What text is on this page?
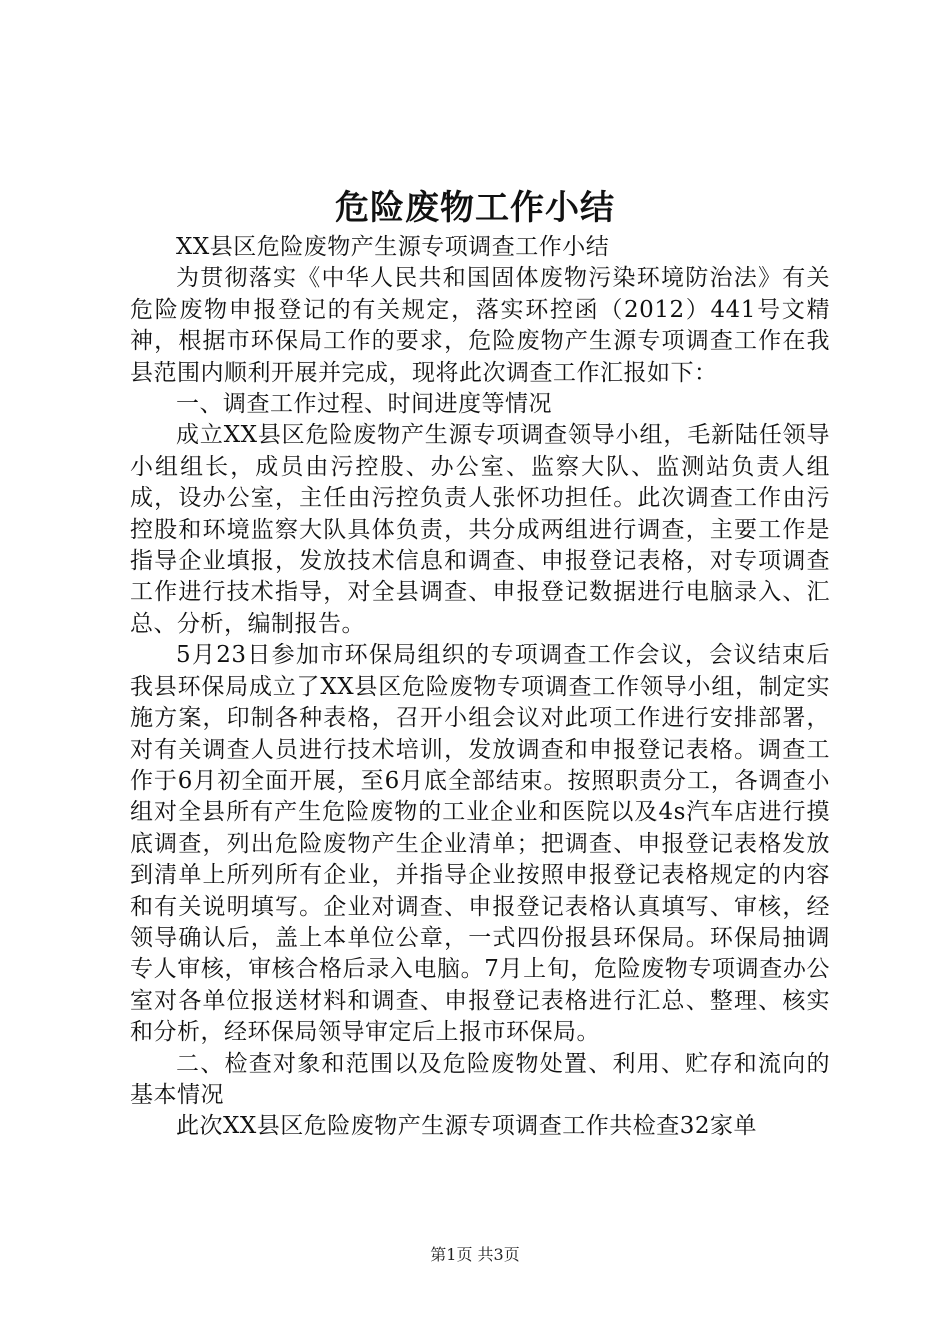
危险废物工作小结

XX县区危险废物产生源专项调查工作小结

为贯彻落实《中华人民共和国固体废物污染环境防治法》有关危险废物申报登记的有关规定，落实环控函（2012）441号文精神，根据市环保局工作的要求，危险废物产生源专项调查工作在我县范围内顺利开展并完成，现将此次调查工作汇报如下：

一、调查工作过程、时间进度等情况

成立XX县区危险废物产生源专项调查领导小组，毛新陆任领导小组组长，成员由污控股、办公室、监察大队、监测站负责人组成，设办公室，主任由污控负责人张怀功担任。此次调查工作由污控股和环境监察大队具体负责，共分成两组进行调查，主要工作是指导企业填报，发放技术信息和调查、申报登记表格，对专项调查工作进行技术指导，对全县调查、申报登记数据进行电脑录入、汇总、分析，编制报告。

5月23日参加市环保局组织的专项调查工作会议，会议结束后我县环保局成立了XX县区危险废物专项调查工作领导小组，制定实施方案，印制各种表格，召开小组会议对此项工作进行安排部署，对有关调查人员进行技术培训，发放调查和申报登记表格。调查工作于6月初全面开展，至6月底全部结束。按照职责分工，各调查小组对全县所有产生危险废物的工业企业和医院以及4s汽车店进行摸底调查，列出危险废物产生企业清单；把调查、申报登记表格发放到清单上所列所有企业，并指导企业按照申报登记表格规定的内容和有关说明填写。企业对调查、申报登记表格认真填写、审核，经领导确认后，盖上本单位公章，一式四份报县环保局。环保局抽调专人审核，审核合格后录入电脑。7月上旬，危险废物专项调查办公室对各单位报送材料和调查、申报登记表格进行汇总、整理、核实和分析，经环保局领导审定后上报市环保局。

二、检查对象和范围以及危险废物处置、利用、贮存和流向的基本情况

此次XX县区危险废物产生源专项调查工作共检查32家单

第1页 共3页
